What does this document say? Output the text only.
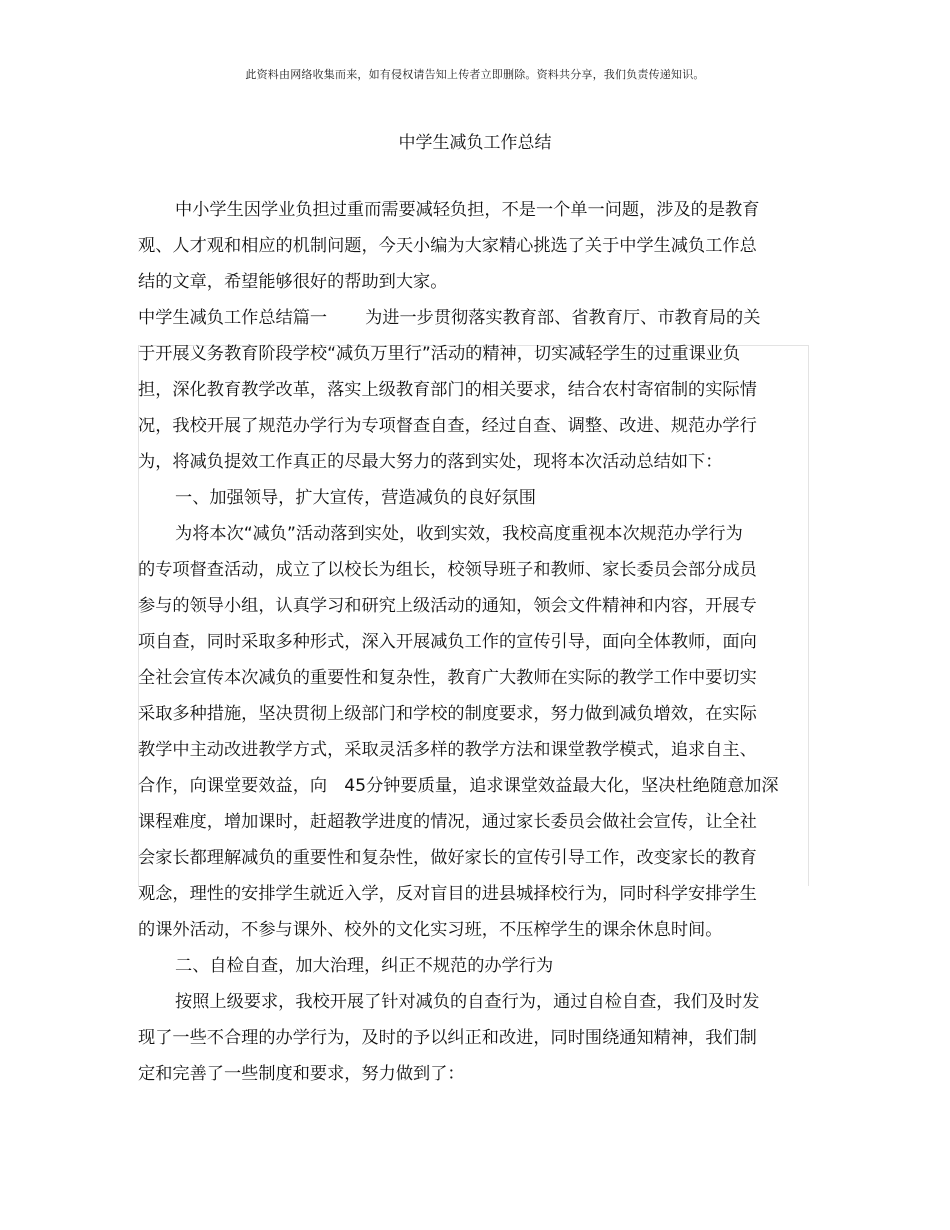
此资料由网络收集而来，如有侵权请告知上传者立即删除。资料共分享，我们负责传递知识。
中学生减负工作总结
中小学生因学业负担过重而需要减轻负担，不是一个单一问题，涉及的是教育
观、人才观和相应的机制问题，今天小编为大家精心挑选了关于中学生减负工作总
结的文章，希望能够很好的帮助到大家。
中学生减负工作总结篇一 为进一步贯彻落实教育部、省教育厅、市教育局的关
于开展义务教育阶段学校“减负万里行”活动的精神，切实减轻学生的过重课业负
担，深化教育教学改革，落实上级教育部门的相关要求，结合农村寄宿制的实际情
况，我校开展了规范办学行为专项督查自查，经过自查、调整、改进、规范办学行
为，将减负提效工作真正的尽最大努力的落到实处，现将本次活动总结如下：
一、加强领导，扩大宣传，营造减负的良好氛围
为将本次“减负”活动落到实处，收到实效，我校高度重视本次规范办学行为
的专项督查活动，成立了以校长为组长，校领导班子和教师、家长委员会部分成员
参与的领导小组，认真学习和研究上级活动的通知，领会文件精神和内容，开展专
项自查，同时采取多种形式，深入开展减负工作的宣传引导，面向全体教师，面向
全社会宣传本次减负的重要性和复杂性，教育广大教师在实际的教学工作中要切实
采取多种措施，坚决贯彻上级部门和学校的制度要求，努力做到减负增效，在实际
教学中主动改进教学方式，采取灵活多样的教学方法和课堂教学模式，追求自主、
合作，向课堂要效益，向　45分钟要质量，追求课堂效益最大化，坚决杜绝随意加深
课程难度，增加课时，赶超教学进度的情况，通过家长委员会做社会宣传，让全社
会家长都理解减负的重要性和复杂性，做好家长的宣传引导工作，改变家长的教育
观念，理性的安排学生就近入学，反对盲目的进县城择校行为，同时科学安排学生
的课外活动，不参与课外、校外的文化实习班，不压榨学生的课余休息时间。
二、自检自查，加大治理，纠正不规范的办学行为
按照上级要求，我校开展了针对减负的自查行为，通过自检自查，我们及时发
现了一些不合理的办学行为，及时的予以纠正和改进，同时围绕通知精神，我们制
定和完善了一些制度和要求，努力做到了：
